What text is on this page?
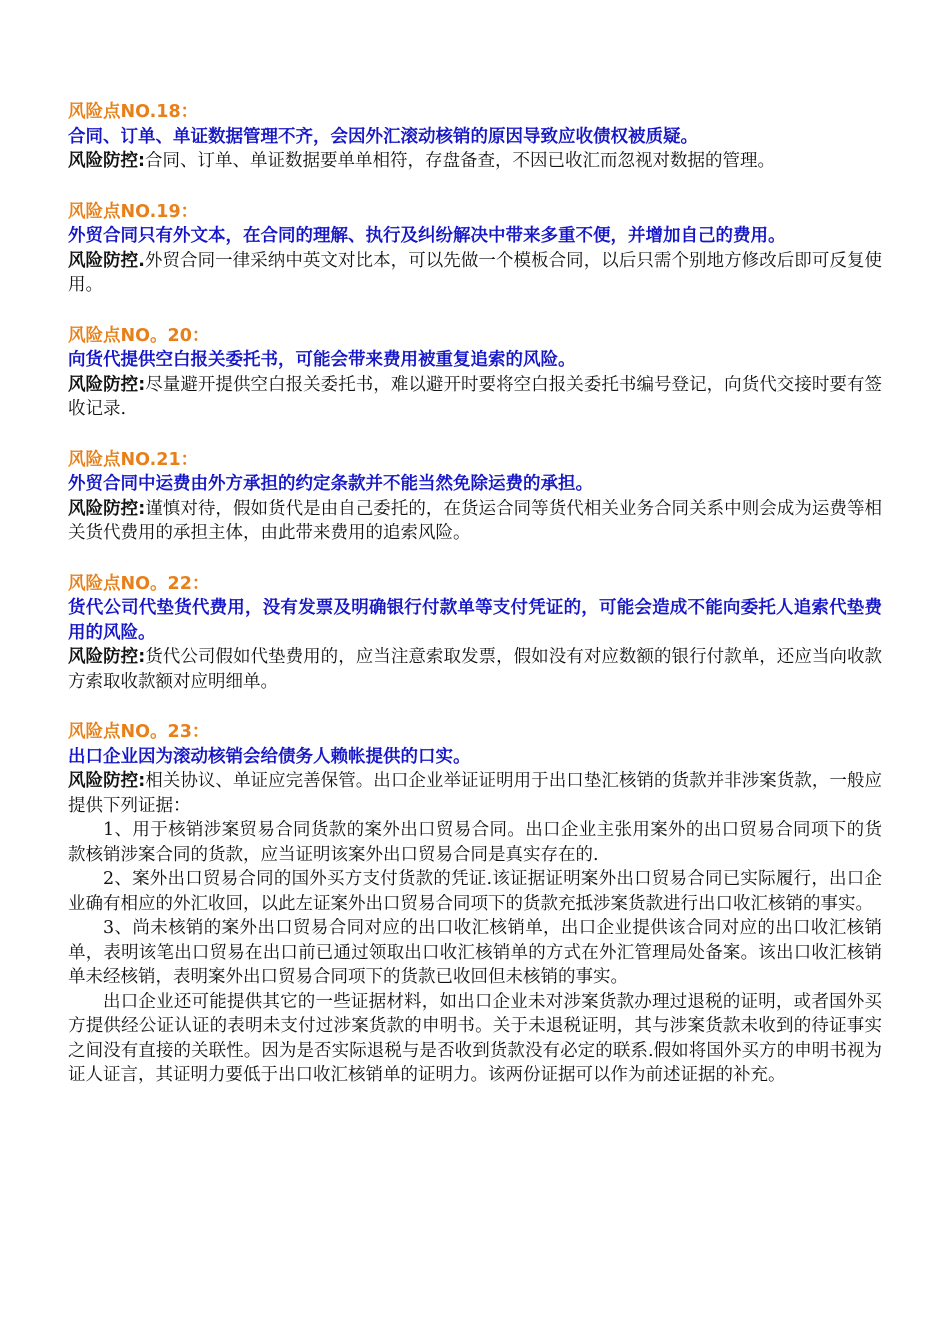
风险点NO.18：
合同、订单、单证数据管理不齐，会因外汇滚动核销的原因导致应收债权被质疑。
风险防控:合同、订单、单证数据要单单相符，存盘备查，不因已收汇而忽视对数据的管理。
风险点NO.19：
外贸合同只有外文本，在合同的理解、执行及纠纷解决中带来多重不便，并增加自己的费用。
风险防控.外贸合同一律采纳中英文对比本，可以先做一个模板合同，以后只需个别地方修改后即可反复使用。
风险点NO。20：
向货代提供空白报关委托书，可能会带来费用被重复追索的风险。
风险防控:尽量避开提供空白报关委托书，难以避开时要将空白报关委托书编号登记，向货代交接时要有签收记录.
风险点NO.21：
外贸合同中运费由外方承担的约定条款并不能当然免除运费的承担。
风险防控:谨慎对待，假如货代是由自己委托的，在货运合同等货代相关业务合同关系中则会成为运费等相关货代费用的承担主体，由此带来费用的追索风险。
风险点NO。22：
货代公司代垫货代费用，没有发票及明确银行付款单等支付凭证的，可能会造成不能向委托人追索代垫费用的风险。
风险防控:货代公司假如代垫费用的，应当注意索取发票，假如没有对应数额的银行付款单，还应当向收款方索取收款额对应明细单。
风险点NO。23：
出口企业因为滚动核销会给债务人赖帐提供的口实。
风险防控:相关协议、单证应完善保管。出口企业举证证明用于出口垫汇核销的货款并非涉案货款，一般应提供下列证据：
1、用于核销涉案贸易合同货款的案外出口贸易合同。出口企业主张用案外的出口贸易合同项下的货款核销涉案合同的货款，应当证明该案外出口贸易合同是真实存在的.
2、案外出口贸易合同的国外买方支付货款的凭证.该证据证明案外出口贸易合同已实际履行，出口企业确有相应的外汇收回，以此左证案外出口贸易合同项下的货款充抵涉案货款进行出口收汇核销的事实。
3、尚未核销的案外出口贸易合同对应的出口收汇核销单，出口企业提供该合同对应的出口收汇核销单，表明该笔出口贸易在出口前已通过领取出口收汇核销单的方式在外汇管理局处备案。该出口收汇核销单未经核销，表明案外出口贸易合同项下的货款已收回但未核销的事实。
出口企业还可能提供其它的一些证据材料，如出口企业未对涉案货款办理过退税的证明，或者国外买方提供经公证认证的表明未支付过涉案货款的申明书。关于未退税证明，其与涉案货款未收到的待证事实之间没有直接的关联性。因为是否实际退税与是否收到货款没有必定的联系.假如将国外买方的申明书视为证人证言，其证明力要低于出口收汇核销单的证明力。该两份证据可以作为前述证据的补充。
